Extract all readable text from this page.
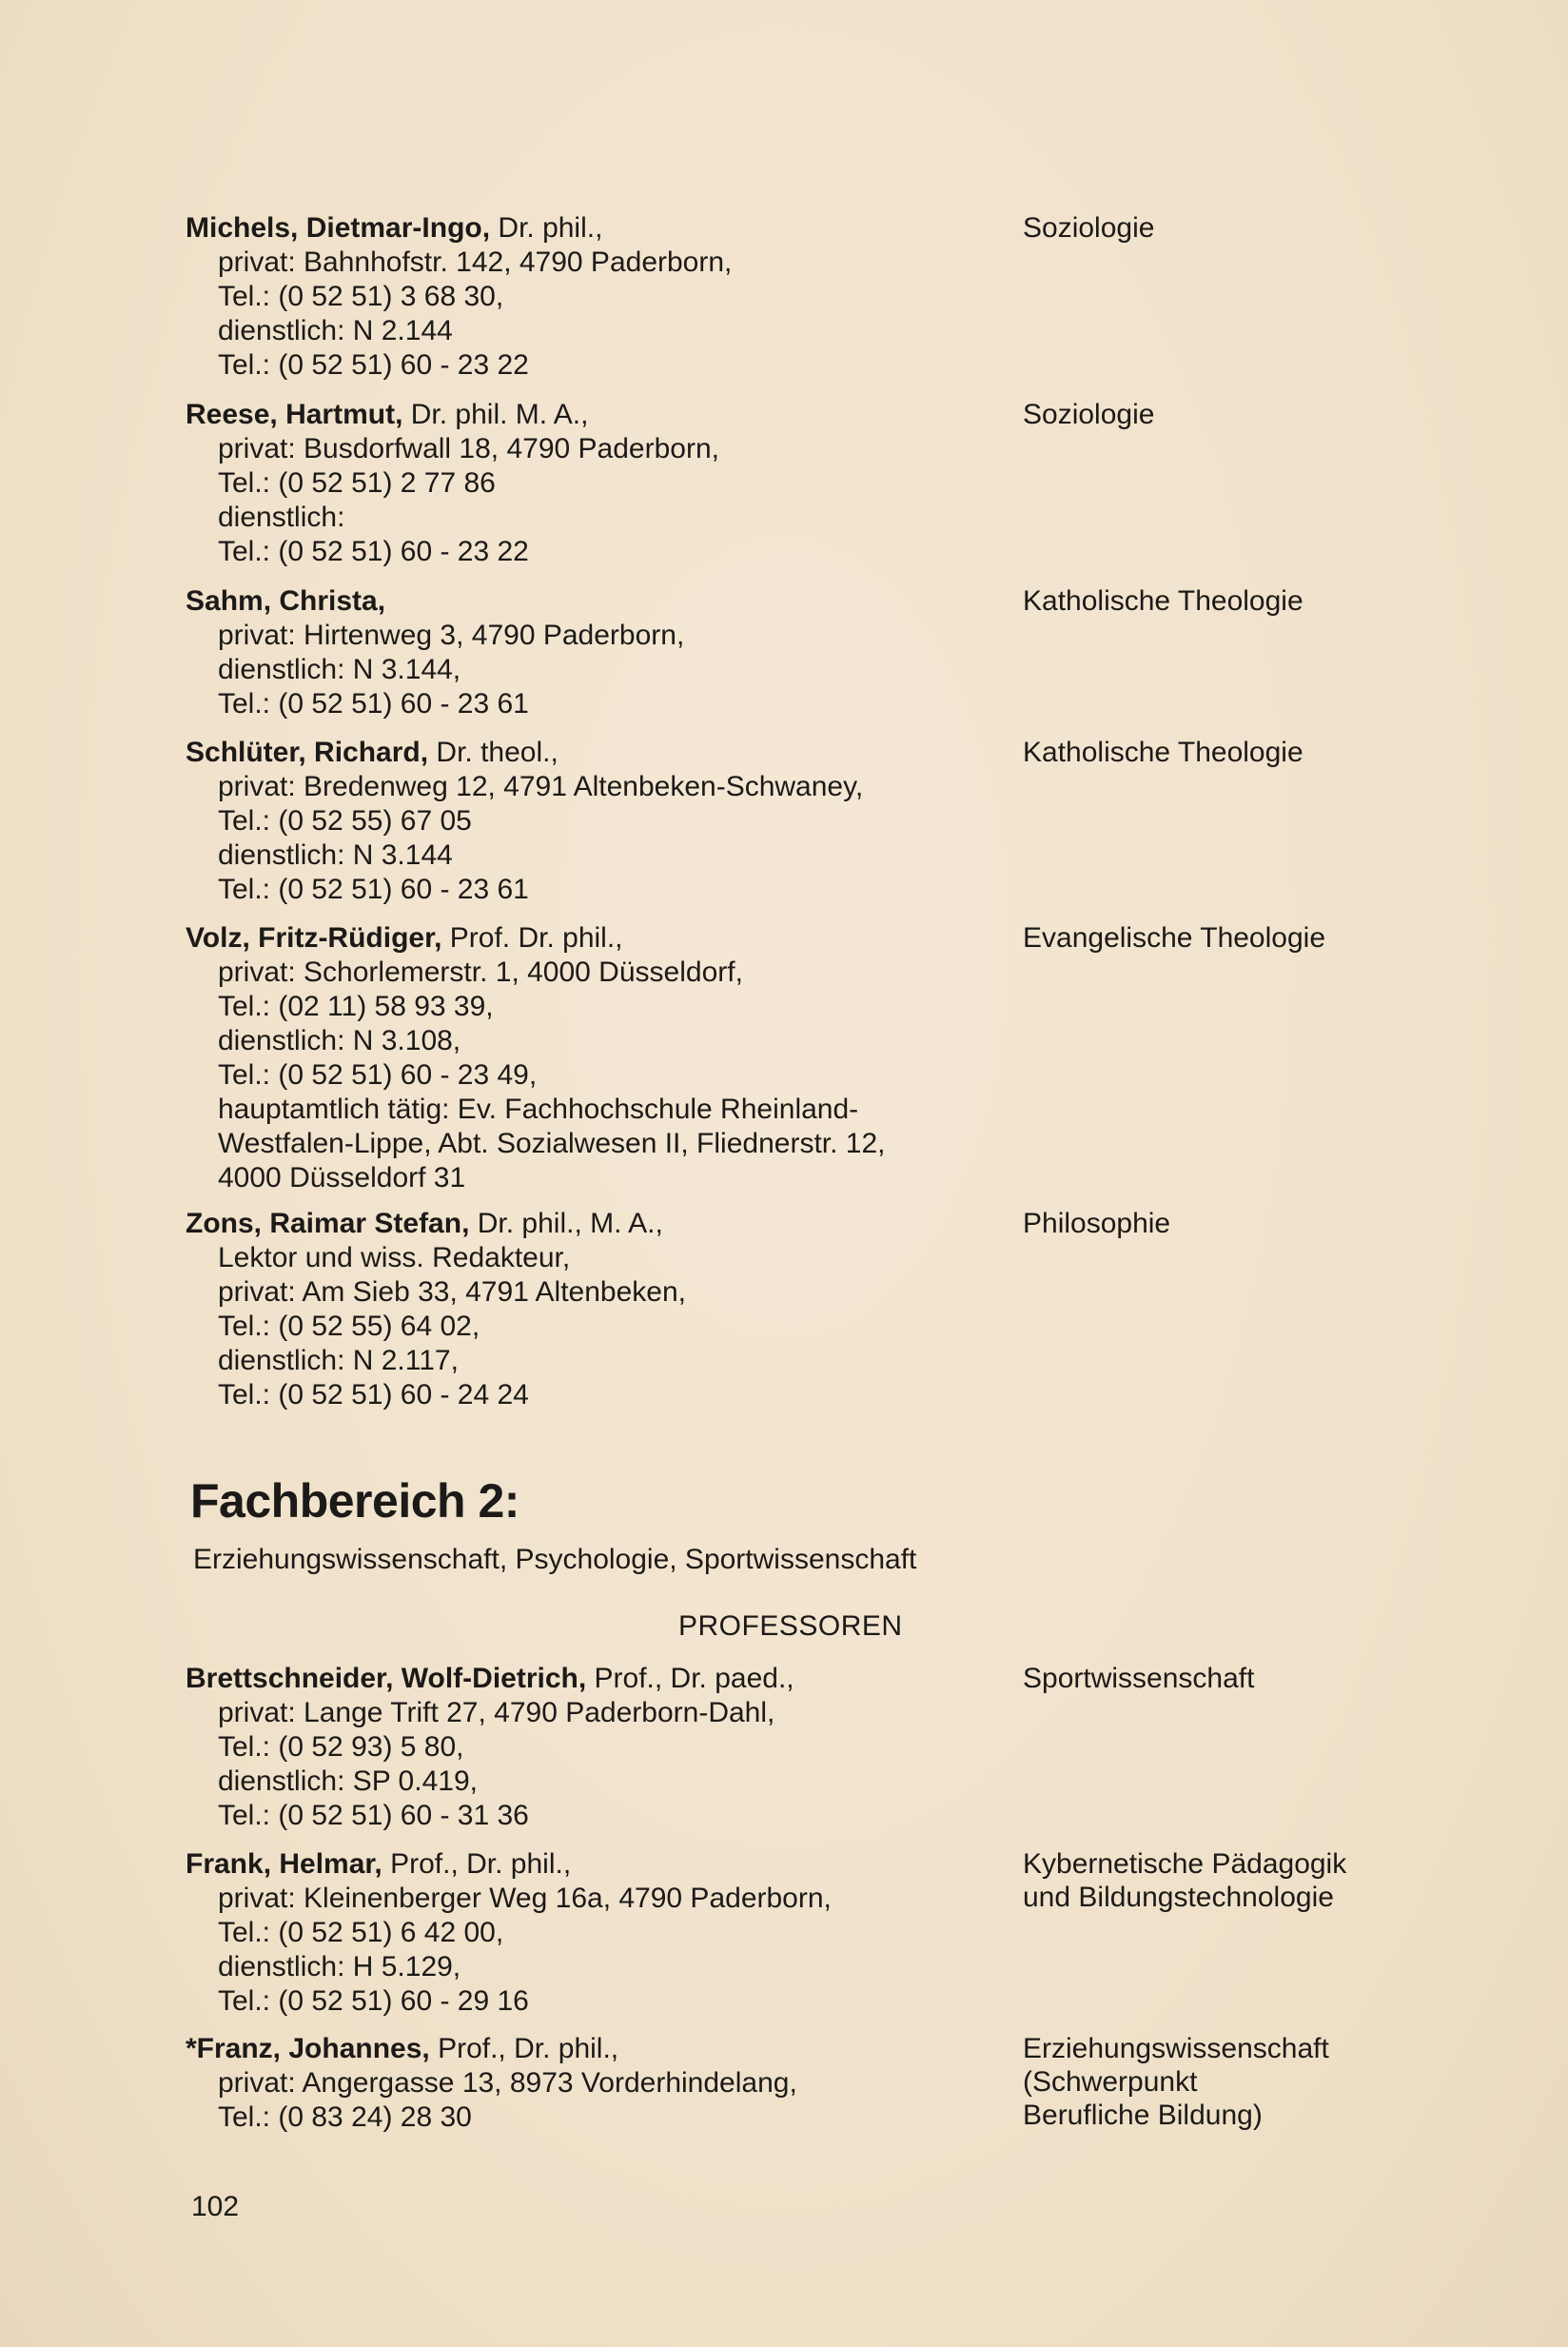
Michels, Dietmar-Ingo, Dr. phil.,
privat: Bahnhofstr. 142, 4790 Paderborn,
Tel.: (0 52 51) 3 68 30,
dienstlich: N 2.144
Tel.: (0 52 51) 60 - 23 22
Soziologie
Reese, Hartmut, Dr. phil. M. A.,
privat: Busdorfwall 18, 4790 Paderborn,
Tel.: (0 52 51) 2 77 86
dienstlich:
Tel.: (0 52 51) 60 - 23 22
Soziologie
Sahm, Christa,
privat: Hirtenweg 3, 4790 Paderborn,
dienstlich: N 3.144,
Tel.: (0 52 51) 60 - 23 61
Katholische Theologie
Schlüter, Richard, Dr. theol.,
privat: Bredenweg 12, 4791 Altenbeken-Schwaney,
Tel.: (0 52 55) 67 05
dienstlich: N 3.144
Tel.: (0 52 51) 60 - 23 61
Katholische Theologie
Volz, Fritz-Rüdiger, Prof. Dr. phil.,
privat: Schorlemerstr. 1, 4000 Düsseldorf,
Tel.: (02 11) 58 93 39,
dienstlich: N 3.108,
Tel.: (0 52 51) 60 - 23 49,
hauptamtlich tätig: Ev. Fachhochschule Rheinland-
Westfalen-Lippe, Abt. Sozialwesen II, Fliednerstr. 12,
4000 Düsseldorf 31
Evangelische Theologie
Zons, Raimar Stefan, Dr. phil., M. A.,
Lektor und wiss. Redakteur,
privat: Am Sieb 33, 4791 Altenbeken,
Tel.: (0 52 55) 64 02,
dienstlich: N 2.117,
Tel.: (0 52 51) 60 - 24 24
Philosophie
Fachbereich 2:
Erziehungswissenschaft, Psychologie, Sportwissenschaft
PROFESSOREN
Brettschneider, Wolf-Dietrich, Prof., Dr. paed.,
privat: Lange Trift 27, 4790 Paderborn-Dahl,
Tel.: (0 52 93) 5 80,
dienstlich: SP 0.419,
Tel.: (0 52 51) 60 - 31 36
Sportwissenschaft
Frank, Helmar, Prof., Dr. phil.,
privat: Kleinenberger Weg 16a, 4790 Paderborn,
Tel.: (0 52 51) 6 42 00,
dienstlich: H 5.129,
Tel.: (0 52 51) 60 - 29 16
Kybernetische Pädagogik
und Bildungstechnologie
*Franz, Johannes, Prof., Dr. phil.,
privat: Angergasse 13, 8973 Vorderhindelang,
Tel.: (0 83 24) 28 30
Erziehungswissenschaft
(Schwerpunkt
Berufliche Bildung)
102
